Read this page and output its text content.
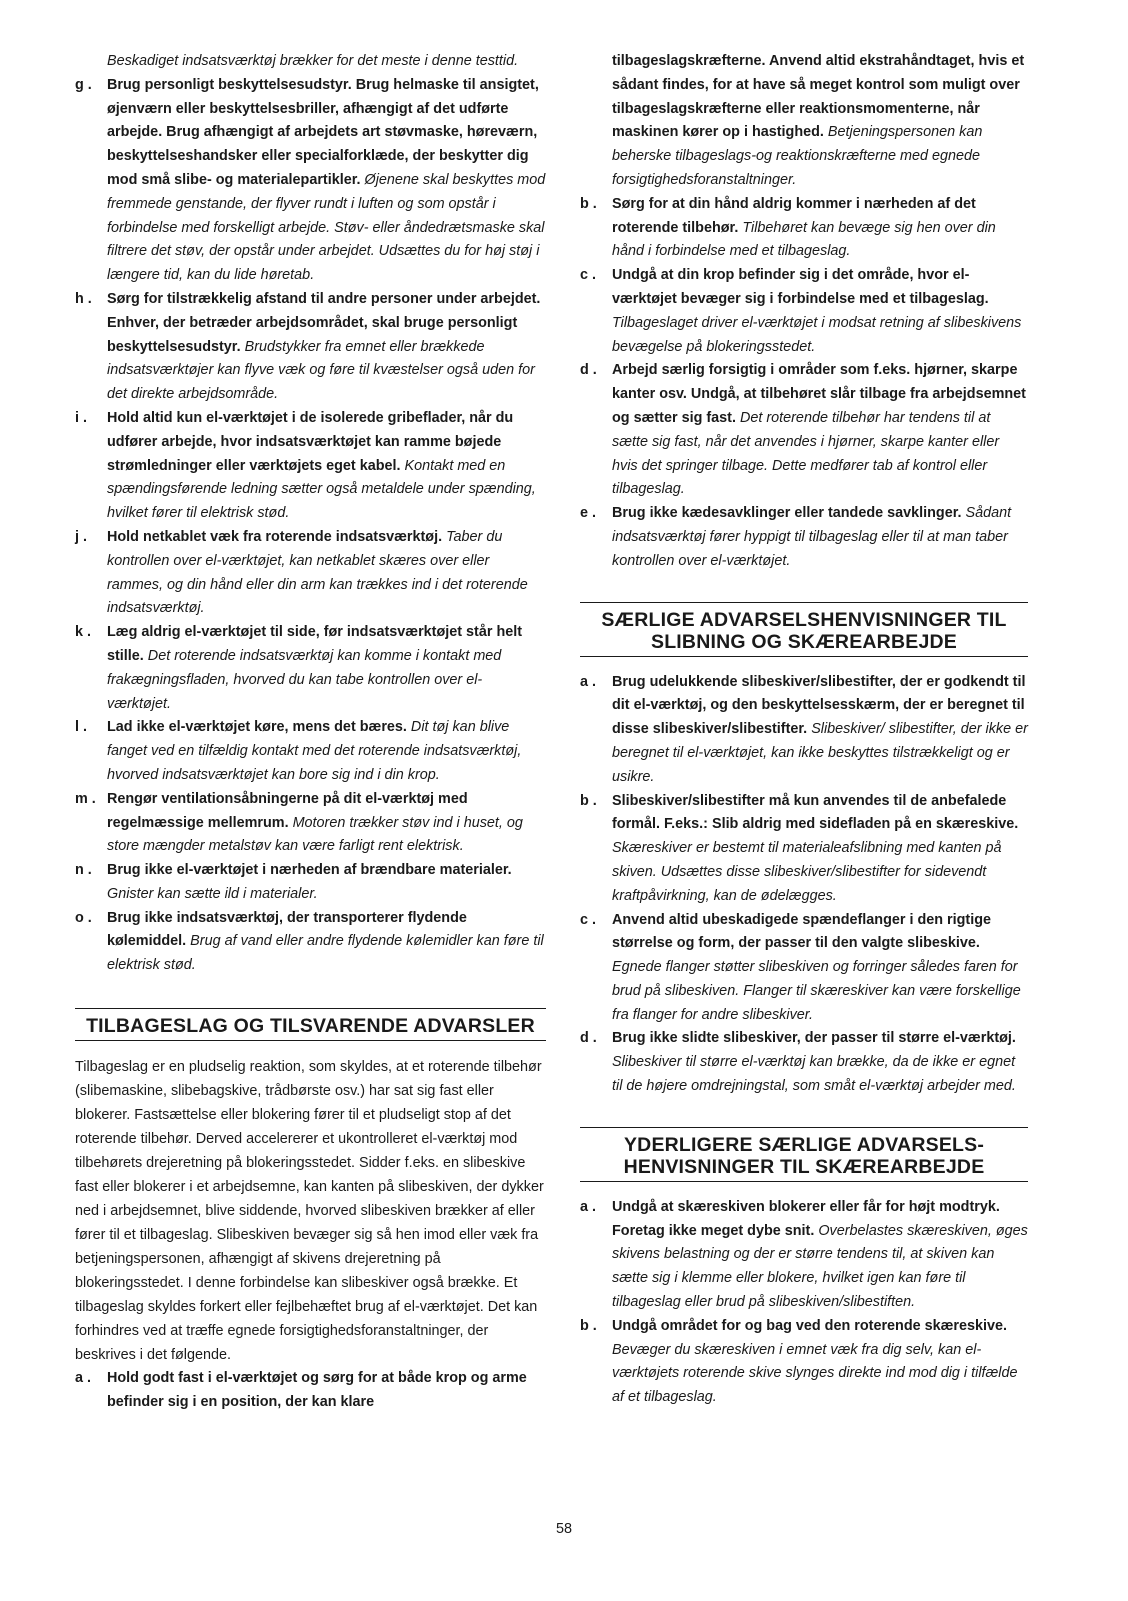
Beskadiget indsatsværktøj brækker for det meste i denne testtid.
g .	Brug personligt beskyttelsesudstyr. Brug helmaske til ansigtet, øjenværn eller beskyttelsesbriller, afhængigt af det udførte arbejde. Brug afhængigt af arbejdets art støvmaske, høreværn, beskyttelseshandsker eller specialforklæde, der beskytter dig mod små slibe- og materialepartikler. Øjenene skal beskyttes mod fremmede genstande, der flyver rundt i luften og som opstår i forbindelse med forskelligt arbejde. Støv- eller åndedrætsmaske skal filtrere det støv, der opstår under arbejdet. Udsættes du for høj støj i længere tid, kan du lide høretab.
h .	Sørg for tilstrækkelig afstand til andre personer under arbejdet. Enhver, der betræder arbejdsområdet, skal bruge personligt beskyttelsesudstyr. Brudstykker fra emnet eller brækkede indsatsværktøjer kan flyve væk og føre til kvæstelser også uden for det direkte arbejdsområde.
i .	Hold altid kun el-værktøjet i de isolerede gribeflader, når du udfører arbejde, hvor indsatsværktøjet kan ramme bøjede strømledninger eller værktøjets eget kabel. Kontakt med en spændingsførende ledning sætter også metaldele under spænding, hvilket fører til elektrisk stød.
j .	Hold netkablet væk fra roterende indsatsværktøj. Taber du kontrollen over el-værktøjet, kan netkablet skæres over eller rammes, og din hånd eller din arm kan trækkes ind i det roterende indsatsværktøj.
k .	Læg aldrig el-værktøjet til side, før indsatsværktøjet står helt stille. Det roterende indsatsværktøj kan komme i kontakt med frakægningsfladen, hvorved du kan tabe kontrollen over el-værktøjet.
l .	Lad ikke el-værktøjet køre, mens det bæres. Dit tøj kan blive fanget ved en tilfældig kontakt med det roterende indsatsværktøj, hvorved indsatsværktøjet kan bore sig ind i din krop.
m . Rengør ventilationsåbningerne på dit el-værktøj med regelmæssige mellemrum. Motoren trækker støv ind i huset, og store mængder metalstøv kan være farligt rent elektrisk.
n .	Brug ikke el-værktøjet i nærheden af brændbare materialer. Gnister kan sætte ild i materialer.
o .	Brug ikke indsatsværktøj, der transporterer flydende kølemiddel. Brug af vand eller andre flydende kølemidler kan føre til elektrisk stød.
TILBAGESLAG OG TILSVARENDE ADVARSLER
Tilbageslag er en pludselig reaktion, som skyldes, at et roterende tilbehør (slibemaskine, slibebagskive, trådbørste osv.) har sat sig fast eller blokerer. Fastsættelse eller blokering fører til et pludseligt stop af det roterende tilbehør. Derved accelererer et ukontrolleret el-værktøj mod tilbehørets drejeretning på blokeringsstedet. Sidder f.eks. en slibeskive fast eller blokerer i et arbejdsemne, kan kanten på slibeskiven, der dykker ned i arbejdsemnet, blive siddende, hvorved slibeskiven brækker af eller fører til et tilbageslag. Slibeskiven bevæger sig så hen imod eller væk fra betjeningspersonen, afhængigt af skivens drejeretning på blokeringsstedet. I denne forbindelse kan slibeskiver også brække. Et tilbageslag skyldes forkert eller fejlbehæftet brug af el-værktøjet. Det kan forhindres ved at træffe egnede forsigtighedsforanstaltninger, der beskrives i det følgende.
a .	Hold godt fast i el-værktøjet og sørg for at både krop og arme befinder sig i en position, der kan klare
tilbageslagskræfterne. Anvend altid ekstrahåndtaget, hvis et sådant findes, for at have så meget kontrol som muligt over tilbageslagskræfterne eller reaktionsmomenterne, når maskinen kører op i hastighed. Betjeningspersonen kan beherske tilbageslags-og reaktionskræfterne med egnede forsigtighedsforanstaltninger.
b .	Sørg for at din hånd aldrig kommer i nærheden af det roterende tilbehør. Tilbehøret kan bevæge sig hen over din hånd i forbindelse med et tilbageslag.
c .	Undgå at din krop befinder sig i det område, hvor el-værktøjet bevæger sig i forbindelse med et tilbageslag. Tilbageslaget driver el-værktøjet i modsat retning af slibeskivens bevægelse på blokeringsstedet.
d .	Arbejd særlig forsigtig i områder som f.eks. hjørner, skarpe kanter osv. Undgå, at tilbehøret slår tilbage fra arbejdsemnet og sætter sig fast. Det roterende tilbehør har tendens til at sætte sig fast, når det anvendes i hjørner, skarpe kanter eller hvis det springer tilbage. Dette medfører tab af kontrol eller tilbageslag.
e .	Brug ikke kædesavklinger eller tandede savklinger. Sådant indsatsværktøj fører hyppigt til tilbageslag eller til at man taber kontrollen over el-værktøjet.
SÆRLIGE ADVARSELSHENVISNINGER TIL
SLIBNING OG SKÆREARBEJDE
a .	Brug udelukkende slibeskiver/slibestifter, der er godkendt til dit el-værktøj, og den beskyttelsesskærm, der er beregnet til disse slibeskiver/slibestifter. Slibeskiver/ slibestifter, der ikke er beregnet til el-værktøjet, kan ikke beskyttes tilstrækkeligt og er usikre.
b .	Slibeskiver/slibestifter må kun anvendes til de anbefalede formål. F.eks.: Slib aldrig med sidefladen på en skæreskive. Skæreskiver er bestemt til materialeafslibning med kanten på skiven. Udsættes disse slibeskiver/slibestifter for sidevendt kraftpåvirkning, kan de ødelægges.
c .	Anvend altid ubeskadigede spændeflanger i den rigtige størrelse og form, der passer til den valgte slibeskive. Egnede flanger støtter slibeskiven og forringer således faren for brud på slibeskiven. Flanger til skæreskiver kan være forskellige fra flanger for andre slibeskiver.
d .	Brug ikke slidte slibeskiver, der passer til større el-værktøj. Slibeskiver til større el-værktøj kan brække, da de ikke er egnet til de højere omdrejningstal, som småt el-værktøj arbejder med.
YDERLIGERE SÆRLIGE ADVARSELS-
HENVISNINGER TIL SKÆREARBEJDE
a .	Undgå at skæreskiven blokerer eller får for højt modtryk. Foretag ikke meget dybe snit. Overbelastes skæreskiven, øges skivens belastning og der er større tendens til, at skiven kan sætte sig i klemme eller blokere, hvilket igen kan føre til tilbageslag eller brud på slibeskiven/slibestiften.
b .	Undgå området for og bag ved den roterende skæreskive. Bevæger du skæreskiven i emnet væk fra dig selv, kan el-værktøjets roterende skive slynges direkte ind mod dig i tilfælde af et tilbageslag.
58
